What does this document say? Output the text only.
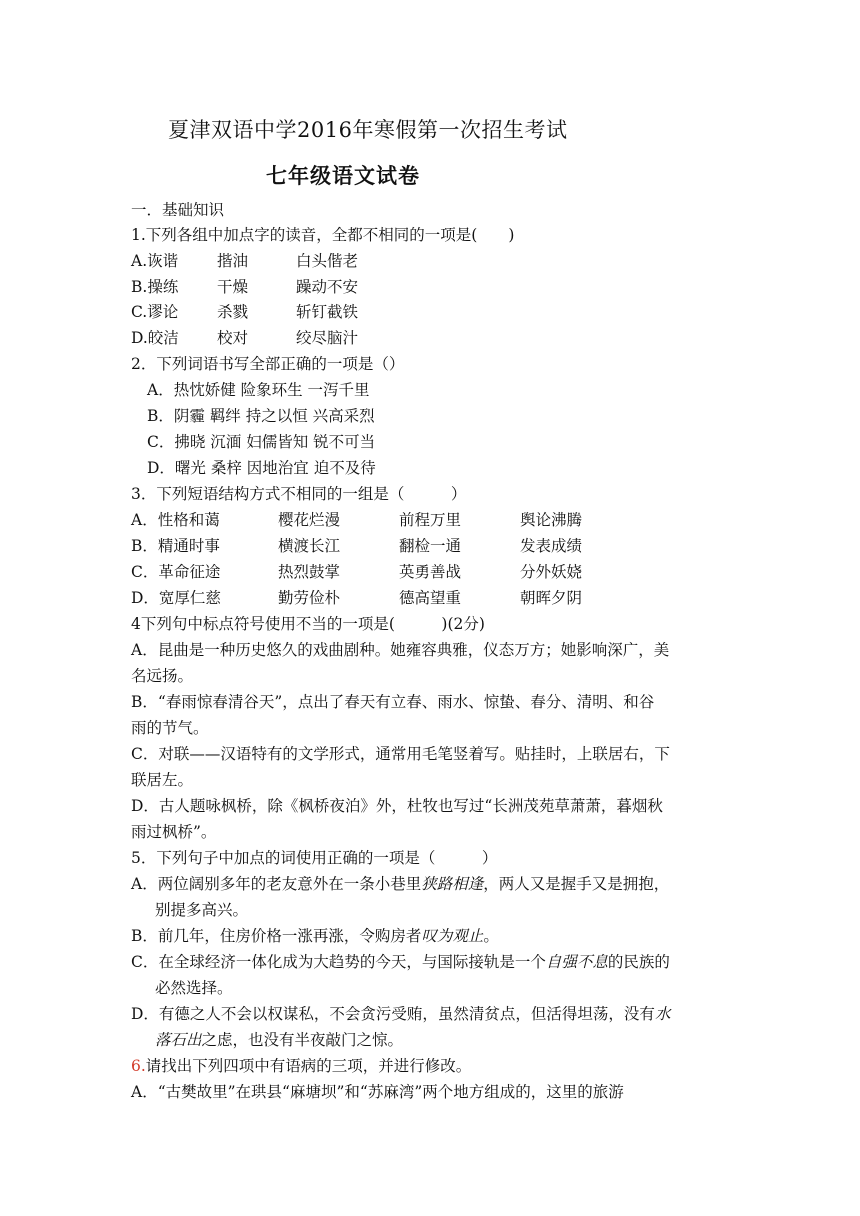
夏津双语中学2016年寒假第一次招生考试
七年级语文试卷
一．基础知识
1.下列各组中加点字的读音，全都不相同的一项是(　　)
A.诙谐	揩油	白头偕老
B.操练 干燥	躁动不安
C.谬论	杀戮	斩钉截铁
D.皎洁 校对	绞尽脑汁
2．下列词语书写全部正确的一项是（）
A．热忱娇健 险象环生 一泻千里
B．阴霾 羁绊 持之以恒 兴高采烈
C．拂晓 沉湎 妇儒皆知 锐不可当
D．曙光 桑梓 因地治宜 迫不及待
3．下列短语结构方式不相同的一组是（　　　）
A．性格和蔼	樱花烂漫	前程万里	舆论沸腾
B．精通时事	横渡长江	翻检一通	发表成绩
C．革命征途	热烈鼓掌	英勇善战	分外妖娆
D．宽厚仁慈	勤劳俭朴	德高望重	朝晖夕阴
4下列句中标点符号使用不当的一项是(　　　)(2分)
A．昆曲是一种历史悠久的戏曲剧种。她雍容典雅，仪态万方；她影响深广，美
名远扬。
B．“春雨惊春清谷天”，点出了春天有立春、雨水、惊蛰、春分、清明、和谷
雨的节气。
C．对联——汉语特有的文学形式，通常用毛笔竖着写。贴挂时，上联居右，下
联居左。
D．古人题咏枫桥，除《枫桥夜泊》外，杜牧也写过“长洲茂苑草萧萧，暮烟秋
雨过枫桥”。
5．下列句子中加点的词使用正确的一项是（　　　）
A．两位阔别多年的老友意外在一条小巷里狭路相逢，两人又是握手又是拥抱，
别提多高兴。
B．前几年，住房价格一涨再涨，令购房者叹为观止。
C．在全球经济一体化成为大趋势的今天，与国际接轨是一个自强不息的民族的
必然选择。
D．有德之人不会以权谋私，不会贪污受贿，虽然清贫点，但活得坦荡，没有水
落石出之虑，也没有半夜敲门之惊。
6.请找出下列四项中有语病的三项，并进行修改。
A．“古樊故里”在珙县“麻塘坝”和“苏麻湾”两个地方组成的，这里的旅游
